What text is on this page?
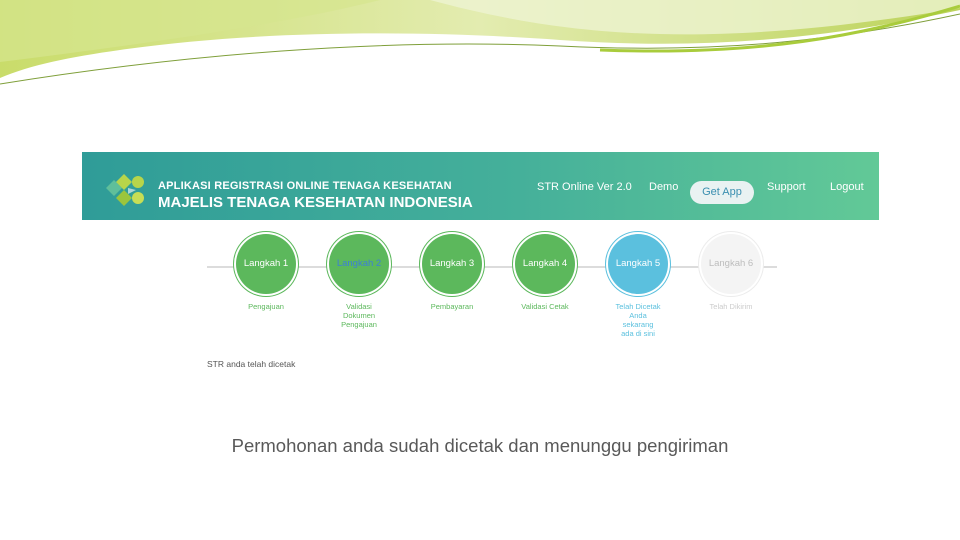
APLIKASI REGISTRASI ONLINE TENAGA KESEHATAN
MAJELIS TENAGA KESEHATAN INDONESIA
STR Online Ver 2.0 Demo	Get App	Support Logout
Langkah 1	Langkah 2	Langkah 3	Langkah 4	Langkah 5	Langkah 6
Pengajuan	Validasi Dokumen Pengajuan
Pembayaran	Validasi Cetak	Telah Dicetak
Anda sekarang ada di sini
Telah Dikirim
STR anda telah dicetak
Permohonan anda sudah dicetak dan menunggu pengiriman
